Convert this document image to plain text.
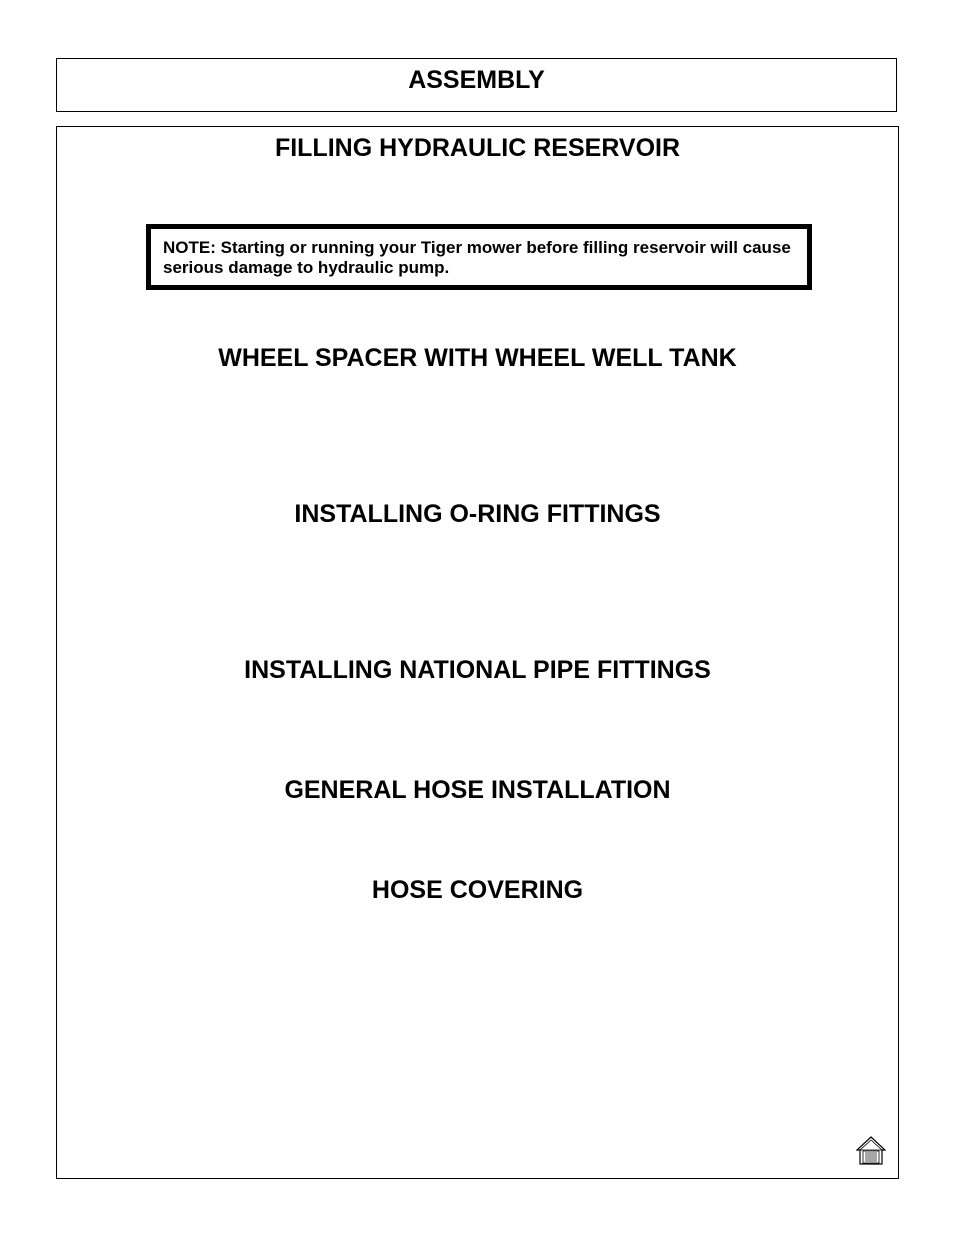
ASSEMBLY
FILLING HYDRAULIC RESERVOIR
NOTE: Starting or running your Tiger mower before filling reservoir will cause serious damage to hydraulic pump.
WHEEL SPACER WITH WHEEL WELL TANK
INSTALLING O-RING FITTINGS
INSTALLING NATIONAL PIPE FITTINGS
GENERAL HOSE INSTALLATION
HOSE COVERING
